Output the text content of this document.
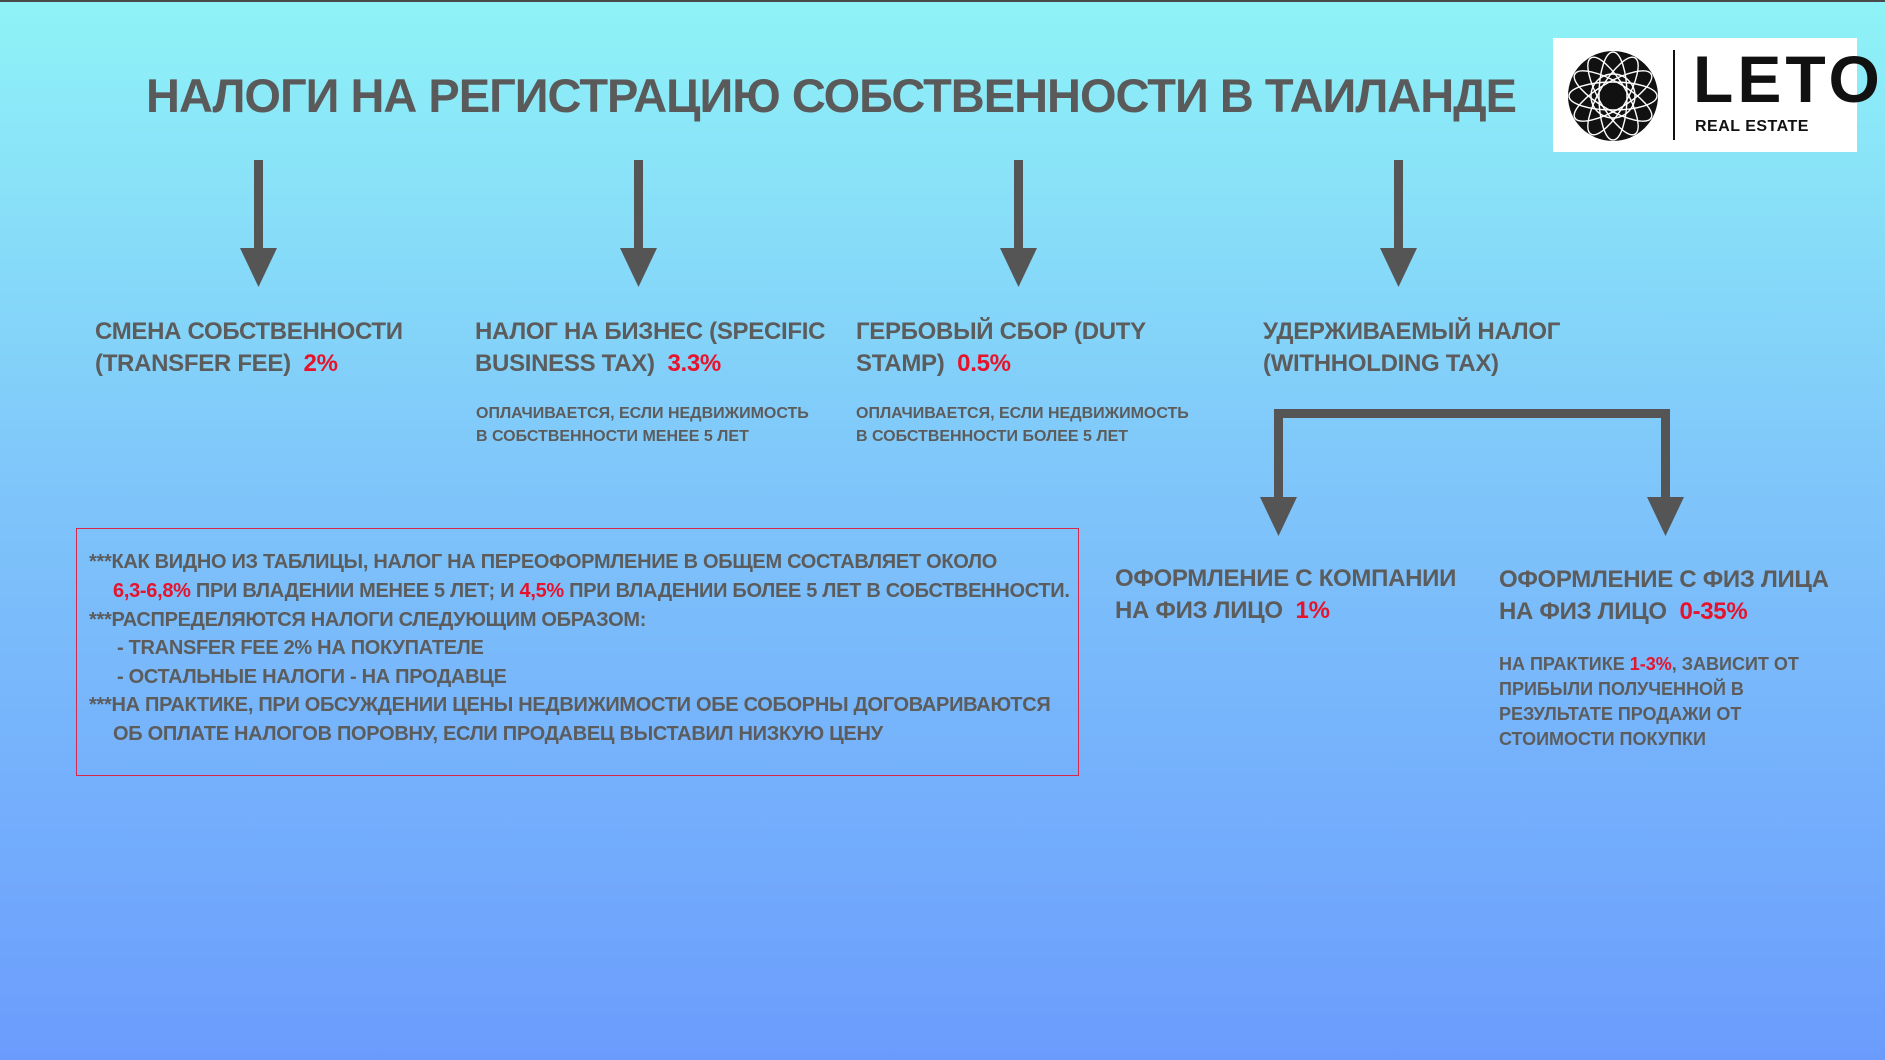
НАЛОГИ НА РЕГИСТРАЦИЮ СОБСТВЕННОСТИ В ТАИЛАНДЕ	LETO
REAL ESTATE
СМЕНА СОБСТВЕННОСТИ
(TRANSFER FEE) 2%
НАЛОГ НА БИЗНЕС (SPECIFIC
BUSINESS TAX) 3.3%
ОПЛАЧИВАЕТСЯ, ЕСЛИ НЕДВИЖИМОСТЬ
В СОБСТВЕННОСТИ МЕНЕЕ 5 ЛЕТ
ГЕРБОВЫЙ СБОР (DUTY
STAMP) 0.5%
ОПЛАЧИВАЕТСЯ, ЕСЛИ НЕДВИЖИМОСТЬ
В СОБСТВЕННОСТИ БОЛЕЕ 5 ЛЕТ
УДЕРЖИВАЕМЫЙ НАЛОГ
(WITHHOLDING TAX)
ОФОРМЛЕНИЕ С КОМПАНИИ
НА ФИЗ ЛИЦО 1%
ОФОРМЛЕНИЕ С ФИЗ ЛИЦА
НА ФИЗ ЛИЦО 0-35%
НА ПРАКТИКЕ 1-3%, ЗАВИСИТ ОТ
ПРИБЫЛИ ПОЛУЧЕННОЙ В
РЕЗУЛЬТАТЕ ПРОДАЖИ ОТ
СТОИМОСТИ ПОКУПКИ
***КАК ВИДНО ИЗ ТАБЛИЦЫ, НАЛОГ НА ПЕРЕОФОРМЛЕНИЕ В ОБЩЕМ СОСТАВЛЯЕТ ОКОЛО
6,3-6,8% ПРИ ВЛАДЕНИИ МЕНЕЕ 5 ЛЕТ; И 4,5% ПРИ ВЛАДЕНИИ БОЛЕЕ 5 ЛЕТ В СОБСТВЕННОСТИ.
***РАСПРЕДЕЛЯЮТСЯ НАЛОГИ СЛЕДУЮЩИМ ОБРАЗОМ:
- TRANSFER FEE 2% НА ПОКУПАТЕЛЕ
- ОСТАЛЬНЫЕ НАЛОГИ - НА ПРОДАВЦЕ
***НА ПРАКТИКЕ, ПРИ ОБСУЖДЕНИИ ЦЕНЫ НЕДВИЖИМОСТИ ОБЕ СОБОРНЫ ДОГОВАРИВАЮТСЯ
ОБ ОПЛАТЕ НАЛОГОВ ПОРОВНУ, ЕСЛИ ПРОДАВЕЦ ВЫСТАВИЛ НИЗКУЮ ЦЕНУ
